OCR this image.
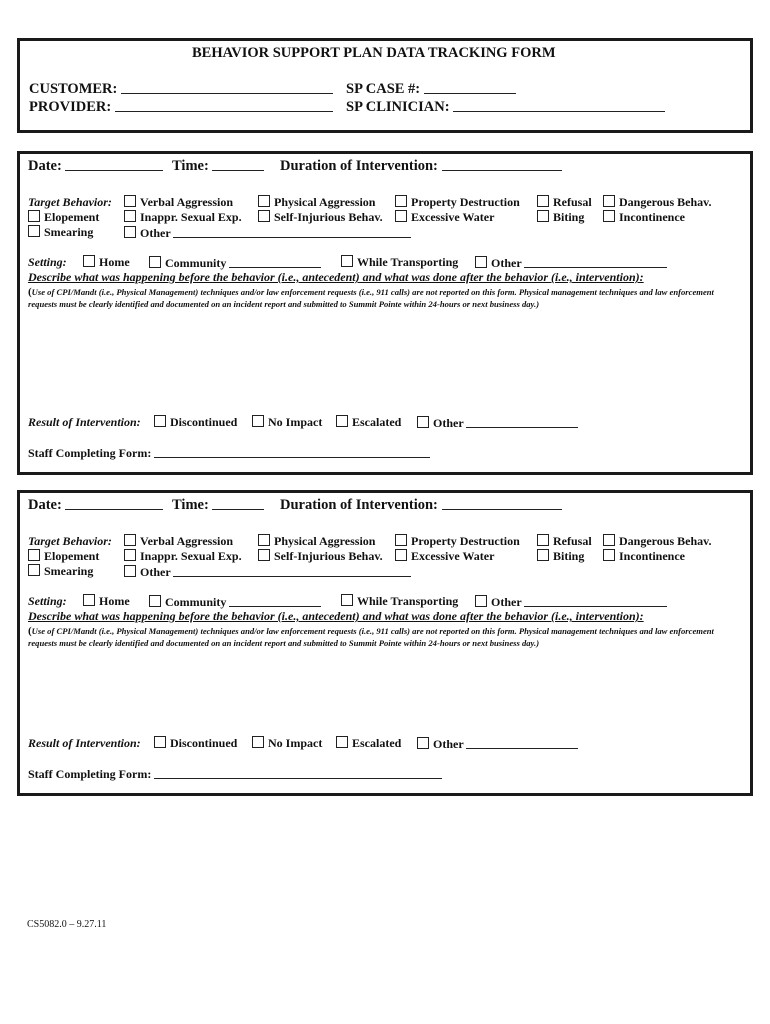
BEHAVIOR SUPPORT PLAN DATA TRACKING FORM
CUSTOMER:	SP CASE #:
PROVIDER:	SP CLINICIAN:
Date:	Time:	Duration of Intervention:
Target Behavior:	Verbal Aggression	Physical Aggression	Property Destruction	Refusal	Dangerous Behav.
Elopement	Inappr. Sexual Exp.	Self-Injurious Behav.	Excessive Water	Biting	Incontinence
Smearing	Other
Setting:	Home	Community	While Transporting	Other
Describe what was happening before the behavior (i.e., antecedent) and what was done after the behavior (i.e., intervention):
(Use of CPI/Mandt (i.e., Physical Management) techniques and/or law enforcement requests (i.e., 911 calls) are not reported on this form. Physical management techniques and law enforcement requests must be clearly identified and documented on an incident report and submitted to Summit Pointe within 24-hours or next business day.)
Result of Intervention:	Discontinued	No Impact	Escalated	Other
Staff Completing Form:
Date:	Time:	Duration of Intervention:
Target Behavior:	Verbal Aggression	Physical Aggression	Property Destruction	Refusal	Dangerous Behav.
Elopement	Inappr. Sexual Exp.	Self-Injurious Behav.	Excessive Water	Biting	Incontinence
Smearing	Other
Setting:	Home	Community	While Transporting	Other
Describe what was happening before the behavior (i.e., antecedent) and what was done after the behavior (i.e., intervention):
(Use of CPI/Mandt (i.e., Physical Management) techniques and/or law enforcement requests (i.e., 911 calls) are not reported on this form. Physical management techniques and law enforcement requests must be clearly identified and documented on an incident report and submitted to Summit Pointe within 24-hours or next business day.)
Result of Intervention:	Discontinued	No Impact	Escalated	Other
Staff Completing Form:
CS5082.0 – 9.27.11
